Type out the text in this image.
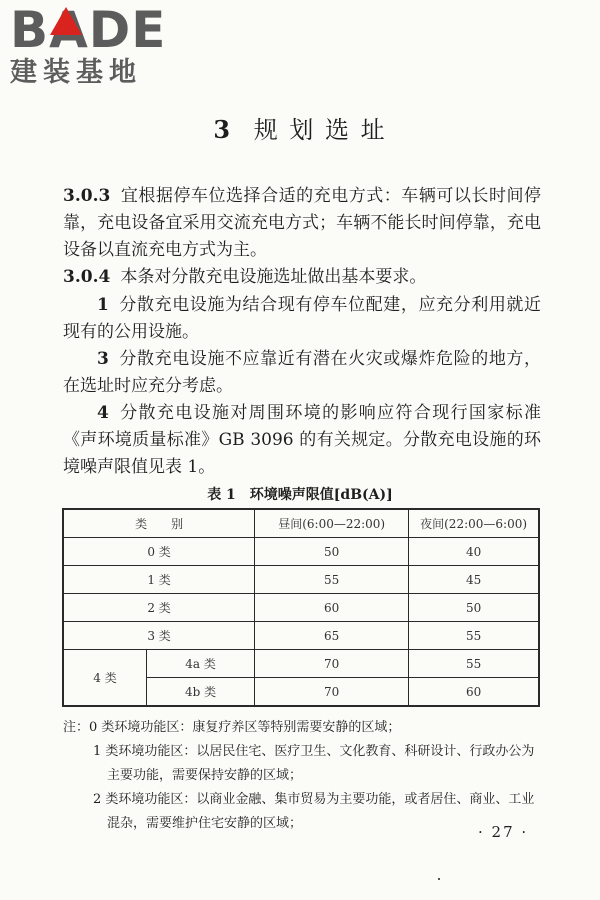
BADE
建装基地
3 规 划 选 址
3.0.3 宜根据停车位选择合适的充电方式：车辆可以长时间停靠，充电设备宜采用交流充电方式；车辆不能长时间停靠，充电设备以直流充电方式为主。
3.0.4 本条对分散充电设施选址做出基本要求。
1 分散充电设施为结合现有停车位配建，应充分利用就近现有的公用设施。
3 分散充电设施不应靠近有潜在火灾或爆炸危险的地方，在选址时应充分考虑。
4 分散充电设施对周围环境的影响应符合现行国家标准《声环境质量标准》GB 3096 的有关规定。分散充电设施的环境噪声限值见表 1。
表 1　环境噪声限值[dB(A)]
类　　别		昼间(6:00—22:00)	夜间(22:00—6:00)
0 类		50	40
1 类		55	45
2 类		60	50
3 类		65	55
4 类	4a 类	70	55
	4b 类	70	60

注：0 类环境功能区：康复疗养区等特别需要安静的区域；

1 类环境功能区：以居民住宅、医疗卫生、文化教育、科研设计、行政办公为主要功能，需要保持安静的区域；

2 类环境功能区：以商业金融、集市贸易为主要功能，或者居住、商业、工业混杂，需要维护住宅安静的区域；	· 27 ·
